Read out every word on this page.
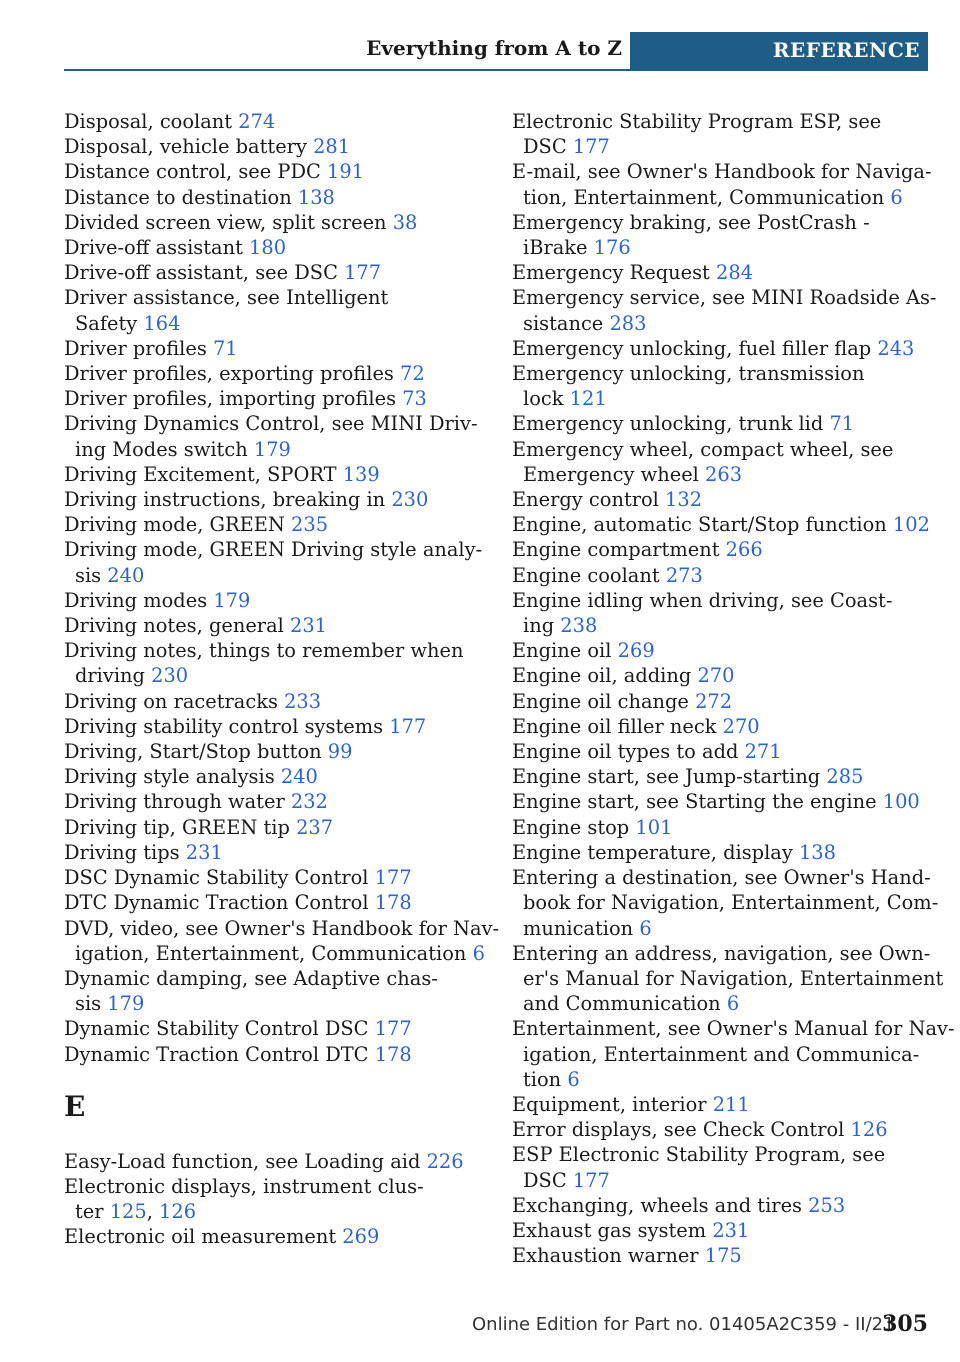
Everything from A to Z	REFERENCE
Disposal, coolant 274
Disposal, vehicle battery 281
Distance control, see PDC 191
Distance to destination 138
Divided screen view, split screen 38
Drive-off assistant 180
Drive-off assistant, see DSC 177
Driver assistance, see Intelligent
Safety 164
Driver profiles 71
Driver profiles, exporting profiles 72
Driver profiles, importing profiles 73
Driving Dynamics Control, see MINI Driv-
ing Modes switch 179
Driving Excitement, SPORT 139
Driving instructions, breaking in 230
Driving mode, GREEN 235
Driving mode, GREEN Driving style analy-
sis 240
Driving modes 179
Driving notes, general 231
Driving notes, things to remember when
driving 230
Driving on racetracks 233
Driving stability control systems 177
Driving, Start/Stop button 99
Driving style analysis 240
Driving through water 232
Driving tip, GREEN tip 237
Driving tips 231
DSC Dynamic Stability Control 177
DTC Dynamic Traction Control 178
DVD, video, see Owner's Handbook for Nav-
igation, Entertainment, Communication 6
Dynamic damping, see Adaptive chas-
sis 179
Dynamic Stability Control DSC 177
Dynamic Traction Control DTC 178
E
Easy-Load function, see Loading aid 226
Electronic displays, instrument clus-
ter 125, 126
Electronic oil measurement 269
Electronic Stability Program ESP, see
DSC 177
E-mail, see Owner's Handbook for Naviga-
tion, Entertainment, Communication 6
Emergency braking, see PostCrash -
iBrake 176
Emergency Request 284
Emergency service, see MINI Roadside As-
sistance 283
Emergency unlocking, fuel filler flap 243
Emergency unlocking, transmission
lock 121
Emergency unlocking, trunk lid 71
Emergency wheel, compact wheel, see
Emergency wheel 263
Energy control 132
Engine, automatic Start/Stop function 102
Engine compartment 266
Engine coolant 273
Engine idling when driving, see Coast-
ing 238
Engine oil 269
Engine oil, adding 270
Engine oil change 272
Engine oil filler neck 270
Engine oil types to add 271
Engine start, see Jump-starting 285
Engine start, see Starting the engine 100
Engine stop 101
Engine temperature, display 138
Entering a destination, see Owner's Hand-
book for Navigation, Entertainment, Com-
munication 6
Entering an address, navigation, see Own-
er's Manual for Navigation, Entertainment
and Communication 6
Entertainment, see Owner's Manual for Nav-
igation, Entertainment and Communica-
tion 6
Equipment, interior 211
Error displays, see Check Control 126
ESP Electronic Stability Program, see
DSC 177
Exchanging, wheels and tires 253
Exhaust gas system 231
Exhaustion warner 175
Online Edition for Part no. 01405A2C359 - II/21
305
